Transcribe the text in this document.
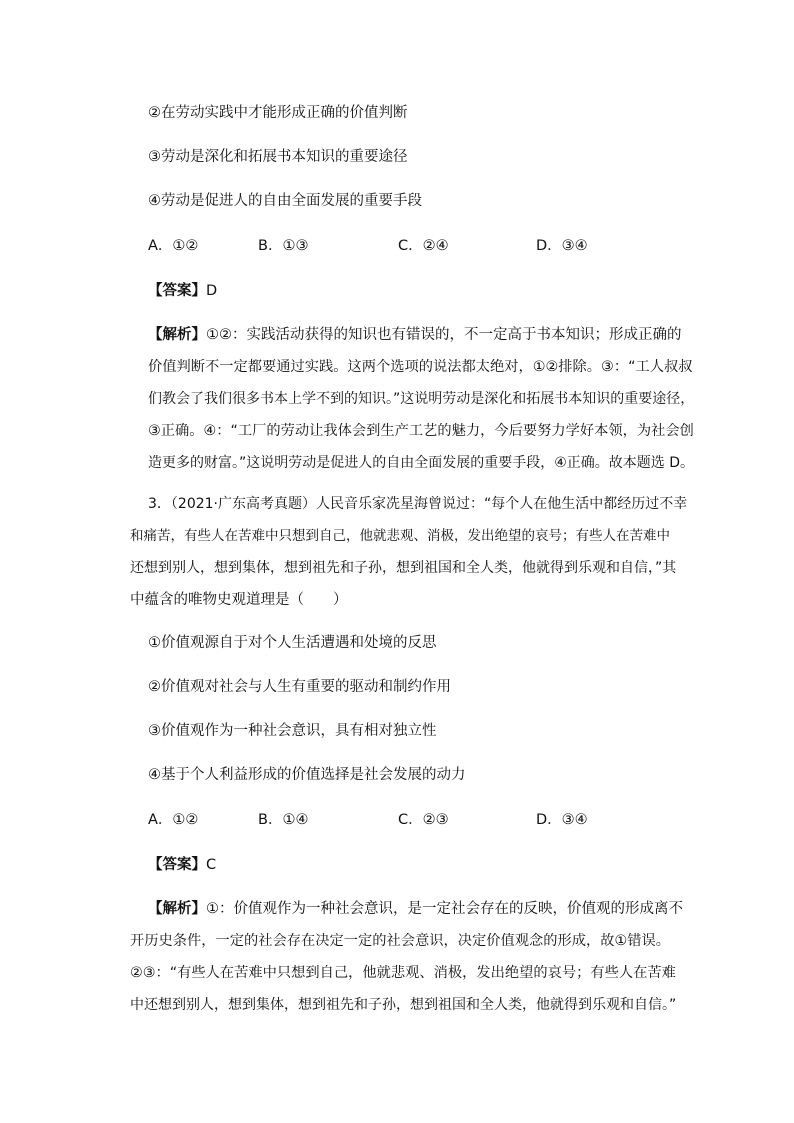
②在劳动实践中才能形成正确的价值判断
③劳动是深化和拓展书本知识的重要途径
④劳动是促进人的自由全面发展的重要手段
A．①②	B．①③	C．②④	D．③④
【答案】D
【解析】①②：实践活动获得的知识也有错误的，不一定高于书本知识；形成正确的
价值判断不一定都要通过实践。这两个选项的说法都太绝对，①②排除。③：“工人叔叔
们教会了我们很多书本上学不到的知识。”这说明劳动是深化和拓展书本知识的重要途径，
③正确。④：“工厂的劳动让我体会到生产工艺的魅力，今后要努力学好本领，为社会创
造更多的财富。”这说明劳动是促进人的自由全面发展的重要手段，④正确。故本题选 D。
3．（2021·广东高考真题）人民音乐家冼星海曾说过：“每个人在他生活中都经历过不幸
和痛苦，有些人在苦难中只想到自己，他就悲观、消极，发出绝望的哀号；有些人在苦难中
还想到别人，想到集体，想到祖先和子孙，想到祖国和全人类，他就得到乐观和自信，”其
中蕴含的唯物史观道理是（　　）
①价值观源自于对个人生活遭遇和处境的反思
②价值观对社会与人生有重要的驱动和制约作用
③价值观作为一种社会意识，具有相对独立性
④基于个人利益形成的价值选择是社会发展的动力
A．①②	B．①④	C．②③	D．③④
【答案】C
【解析】①：价值观作为一种社会意识，是一定社会存在的反映，价值观的形成离不
开历史条件，一定的社会存在决定一定的社会意识，决定价值观念的形成，故①错误。
②③：“有些人在苦难中只想到自己，他就悲观、消极，发出绝望的哀号；有些人在苦难
中还想到别人，想到集体，想到祖先和子孙，想到祖国和全人类，他就得到乐观和自信。”
